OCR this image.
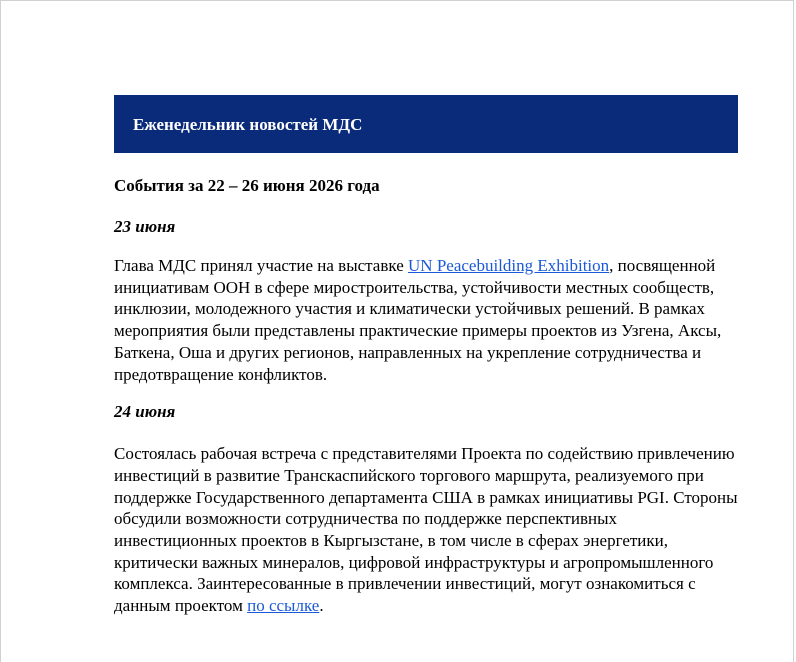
Еженедельник новостей МДС
События за 22 – 26 июня 2026 года
23 июня
Глава МДС принял участие на выставке UN Peacebuilding Exhibition, посвященной инициативам ООН в сфере миростроительства, устойчивости местных сообществ, инклюзии, молодежного участия и климатически устойчивых решений. В рамках мероприятия были представлены практические примеры проектов из Узгена, Аксы, Баткена, Оша и других регионов, направленных на укрепление сотрудничества и предотвращение конфликтов.
24 июня
Состоялась рабочая встреча с представителями Проекта по содействию привлечению инвестиций в развитие Транскаспийского торгового маршрута, реализуемого при поддержке Государственного департамента США в рамках инициативы PGI. Стороны обсудили возможности сотрудничества по поддержке перспективных инвестиционных проектов в Кыргызстане, в том числе в сферах энергетики, критически важных минералов, цифровой инфраструктуры и агропромышленного комплекса. Заинтересованные в привлечении инвестиций, могут ознакомиться с данным проектом по ссылке.
